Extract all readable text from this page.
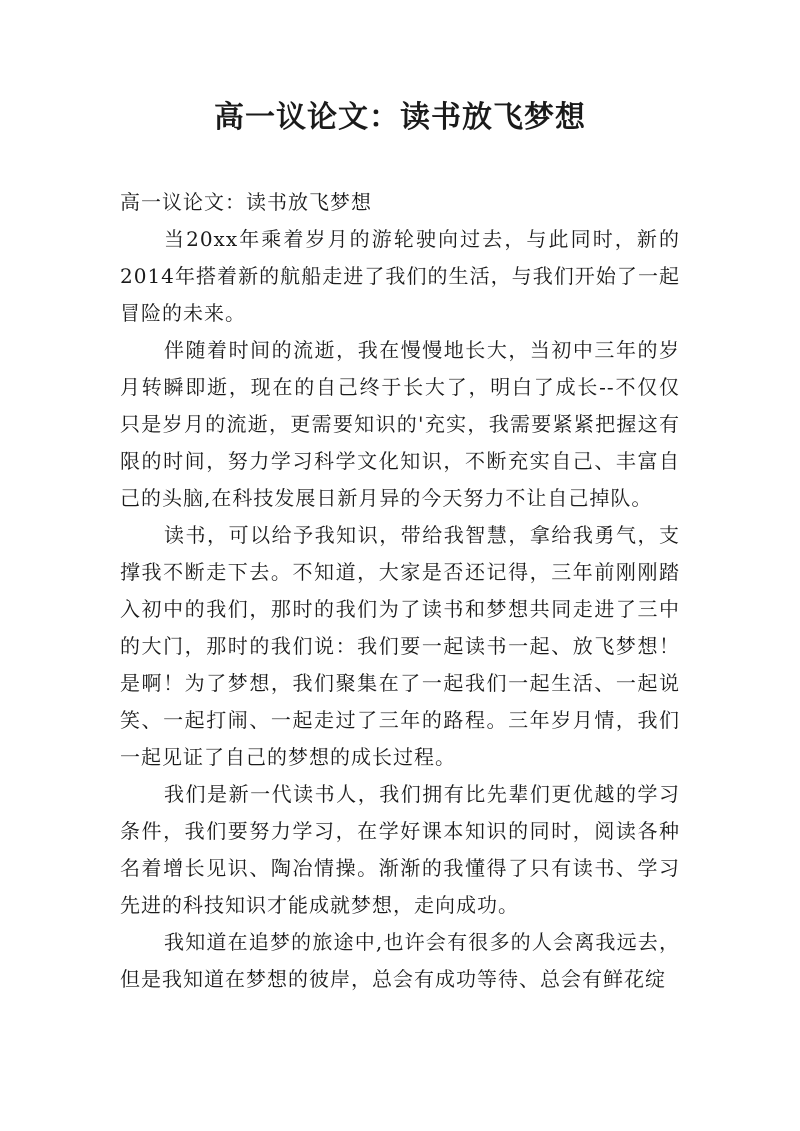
高一议论文：读书放飞梦想

高一议论文：读书放飞梦想

当20xx年乘着岁月的游轮驶向过去，与此同时，新的2014年搭着新的航船走进了我们的生活，与我们开始了一起冒险的未来。

伴随着时间的流逝，我在慢慢地长大，当初中三年的岁月转瞬即逝，现在的自己终于长大了，明白了成长--不仅仅只是岁月的流逝，更需要知识的'充实，我需要紧紧把握这有限的时间，努力学习科学文化知识，不断充实自己、丰富自己的头脑,在科技发展日新月异的今天努力不让自己掉队。

读书，可以给予我知识，带给我智慧，拿给我勇气，支撑我不断走下去。不知道，大家是否还记得，三年前刚刚踏入初中的我们，那时的我们为了读书和梦想共同走进了三中的大门，那时的我们说：我们要一起读书一起、放飞梦想！是啊！为了梦想，我们聚集在了一起我们一起生活、一起说笑、一起打闹、一起走过了三年的路程。三年岁月情，我们一起见证了自己的梦想的成长过程。

我们是新一代读书人，我们拥有比先辈们更优越的学习条件，我们要努力学习，在学好课本知识的同时，阅读各种名着增长见识、陶冶情操。渐渐的我懂得了只有读书、学习先进的科技知识才能成就梦想，走向成功。

我知道在追梦的旅途中,也许会有很多的人会离我远去，但是我知道在梦想的彼岸，总会有成功等待、总会有鲜花绽
